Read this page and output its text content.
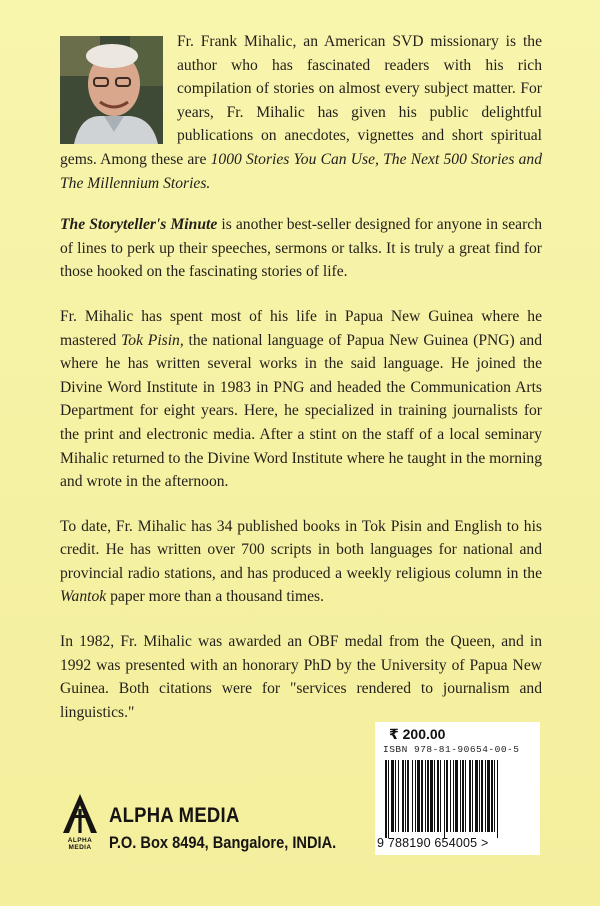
Fr. Frank Mihalic, an American SVD missionary is the author who has fascinated readers with his rich compilation of stories on almost every subject matter. For years, Fr. Mihalic has given his public delightful publications on anecdotes, vignettes and short spiritual gems. Among these are 1000 Stories You Can Use, The Next 500 Stories and The Millennium Stories.

The Storyteller's Minute is another best-seller designed for anyone in search of lines to perk up their speeches, sermons or talks. It is truly a great find for those hooked on the fascinating stories of life.

Fr. Mihalic has spent most of his life in Papua New Guinea where he mastered Tok Pisin, the national language of Papua New Guinea (PNG) and where he has written several works in the said language. He joined the Divine Word Institute in 1983 in PNG and headed the Communication Arts Department for eight years. Here, he specialized in training journalists for the print and electronic media. After a stint on the staff of a local seminary Mihalic returned to the Divine Word Institute where he taught in the morning and wrote in the afternoon.

To date, Fr. Mihalic has 34 published books in Tok Pisin and English to his credit. He has written over 700 scripts in both languages for national and provincial radio stations, and has produced a weekly religious column in the Wantok paper more than a thousand times.

In 1982, Fr. Mihalic was awarded an OBF medal from the Queen, and in 1992 was presented with an honorary PhD by the University of Papua New Guinea. Both citations were for "services rendered to journalism and linguistics."

ALPHA
MEDIA
ALPHA MEDIA
P.O. Box 8494, Bangalore, INDIA.
₹ 200.00
ISBN 978-81-90654-00-5
9 788190 654005 >
